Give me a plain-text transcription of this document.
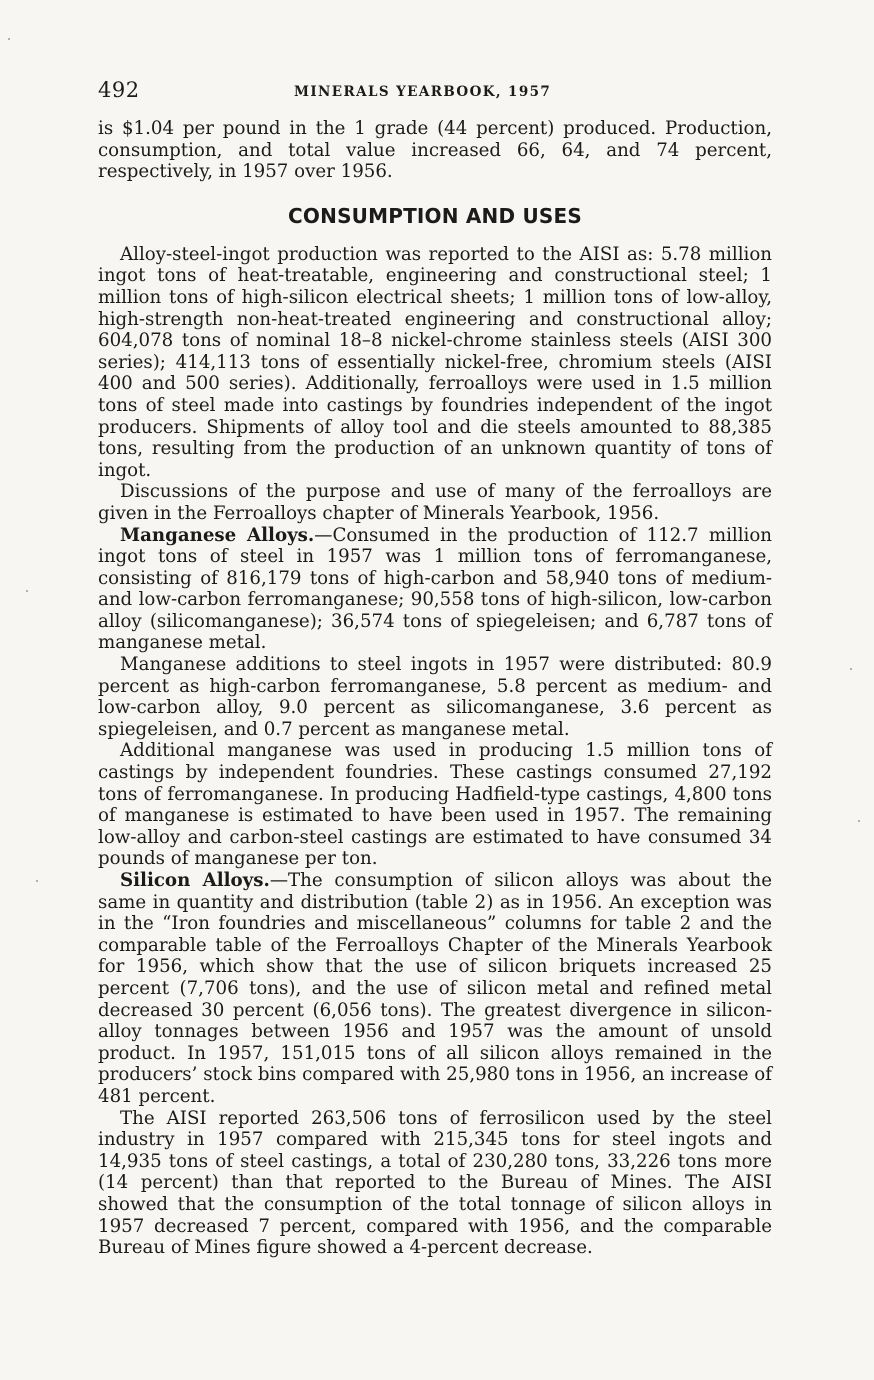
492	MINERALS YEARBOOK, 1957

is $1.04 per pound in the 1 grade (44 percent) produced. Production, consumption, and total value increased 66, 64, and 74 percent, respectively, in 1957 over 1956.

CONSUMPTION AND USES

Alloy-steel-ingot production was reported to the AISI as: 5.78 million ingot tons of heat-treatable, engineering and constructional steel; 1 million tons of high-silicon electrical sheets; 1 million tons of low-alloy, high-strength non-heat-treated engineering and constructional alloy; 604,078 tons of nominal 18–8 nickel-chrome stainless steels (AISI 300 series); 414,113 tons of essentially nickel-free, chromium steels (AISI 400 and 500 series). Additionally, ferroalloys were used in 1.5 million tons of steel made into castings by foundries independent of the ingot producers. Shipments of alloy tool and die steels amounted to 88,385 tons, resulting from the production of an unknown quantity of tons of ingot.

Discussions of the purpose and use of many of the ferroalloys are given in the Ferroalloys chapter of Minerals Yearbook, 1956.

Manganese Alloys.—Consumed in the production of 112.7 million ingot tons of steel in 1957 was 1 million tons of ferromanganese, consisting of 816,179 tons of high-carbon and 58,940 tons of medium- and low-carbon ferromanganese; 90,558 tons of high-silicon, low-carbon alloy (silicomanganese); 36,574 tons of spiegeleisen; and 6,787 tons of manganese metal.

Manganese additions to steel ingots in 1957 were distributed: 80.9 percent as high-carbon ferromanganese, 5.8 percent as medium- and low-carbon alloy, 9.0 percent as silicomanganese, 3.6 percent as spiegeleisen, and 0.7 percent as manganese metal.

Additional manganese was used in producing 1.5 million tons of castings by independent foundries. These castings consumed 27,192 tons of ferromanganese. In producing Hadfield-type castings, 4,800 tons of manganese is estimated to have been used in 1957. The remaining low-alloy and carbon-steel castings are estimated to have consumed 34 pounds of manganese per ton.

Silicon Alloys.—The consumption of silicon alloys was about the same in quantity and distribution (table 2) as in 1956. An exception was in the “Iron foundries and miscellaneous” columns for table 2 and the comparable table of the Ferroalloys Chapter of the Minerals Yearbook for 1956, which show that the use of silicon briquets increased 25 percent (7,706 tons), and the use of silicon metal and refined metal decreased 30 percent (6,056 tons). The greatest divergence in silicon-alloy tonnages between 1956 and 1957 was the amount of unsold product. In 1957, 151,015 tons of all silicon alloys remained in the producers’ stock bins compared with 25,980 tons in 1956, an increase of 481 percent.

The AISI reported 263,506 tons of ferrosilicon used by the steel industry in 1957 compared with 215,345 tons for steel ingots and 14,935 tons of steel castings, a total of 230,280 tons, 33,226 tons more (14 percent) than that reported to the Bureau of Mines. The AISI showed that the consumption of the total tonnage of silicon alloys in 1957 decreased 7 percent, compared with 1956, and the comparable Bureau of Mines figure showed a 4-percent decrease.
